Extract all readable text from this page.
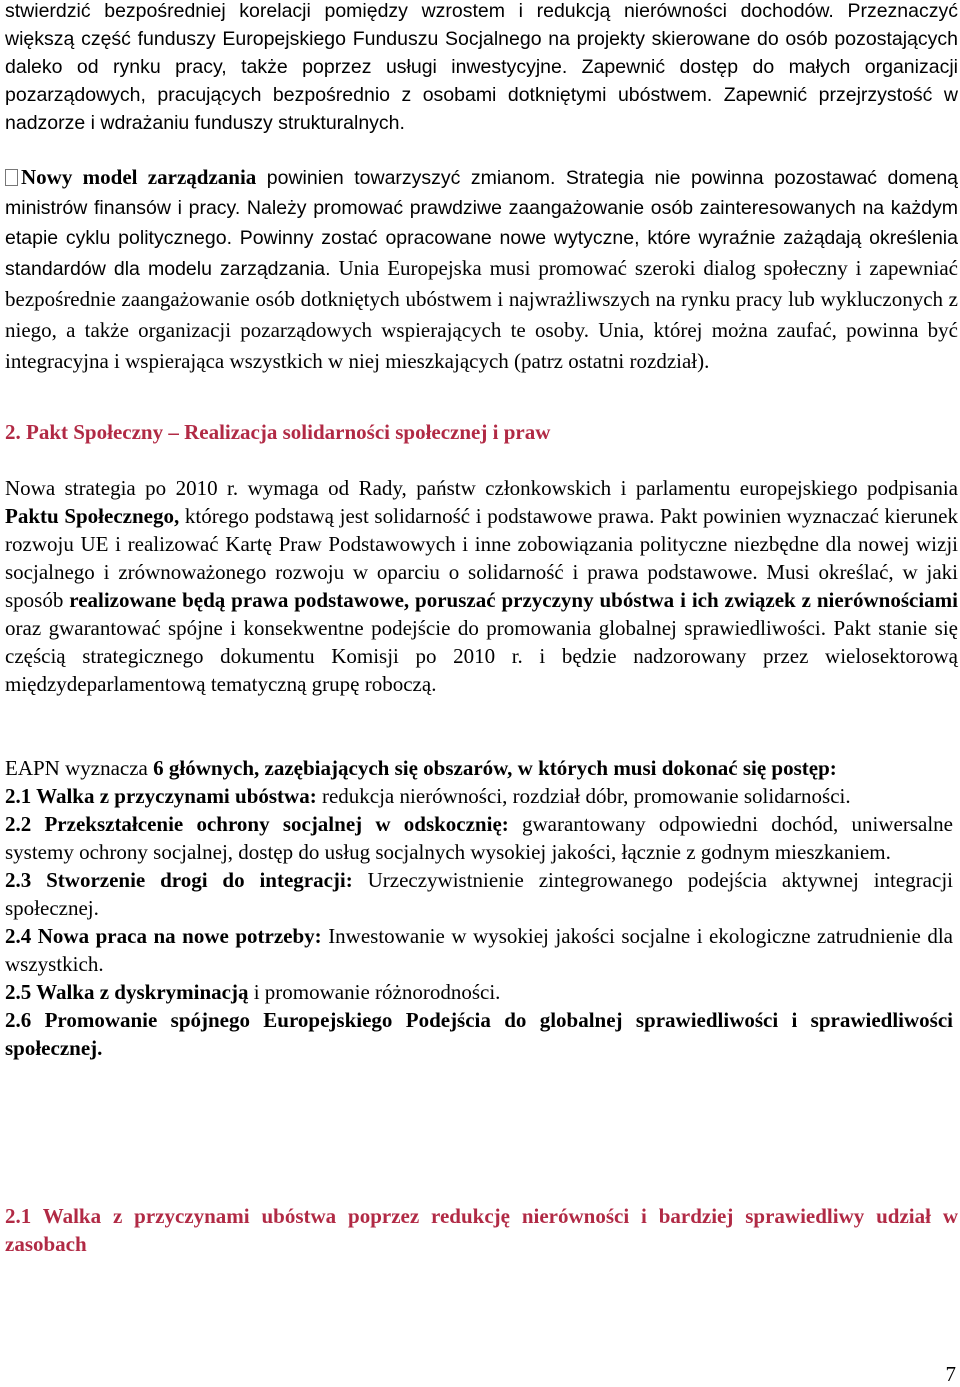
stwierdzić bezpośredniej korelacji pomiędzy wzrostem i redukcją nierówności dochodów. Przeznaczyć większą część funduszy Europejskiego Funduszu Socjalnego na projekty skierowane do osób pozostających daleko od rynku pracy, także poprzez usługi inwestycyjne. Zapewnić dostęp do małych organizacji pozarządowych, pracujących bezpośrednio z osobami dotkniętymi ubóstwem. Zapewnić przejrzystość w nadzorze i wdrażaniu funduszy strukturalnych.

Nowy model zarządzania powinien towarzyszyć zmianom. Strategia nie powinna pozostawać domeną ministrów finansów i pracy. Należy promować prawdziwe zaangażowanie osób zainteresowanych na każdym etapie cyklu politycznego. Powinny zostać opracowane nowe wytyczne, które wyraźnie zażądają określenia standardów dla modelu zarządzania. Unia Europejska musi promować szeroki dialog społeczny i zapewniać bezpośrednie zaangażowanie osób dotkniętych ubóstwem i najwrażliwszych na rynku pracy lub wykluczonych z niego, a także organizacji pozarządowych wspierających te osoby. Unia, której można zaufać, powinna być integracyjna i wspierająca wszystkich w niej mieszkających (patrz ostatni rozdział).

2. Pakt Społeczny – Realizacja solidarności społecznej i praw

Nowa strategia po 2010 r. wymaga od Rady, państw członkowskich i parlamentu europejskiego podpisania Paktu Społecznego, którego podstawą jest solidarność i podstawowe prawa. Pakt powinien wyznaczać kierunek rozwoju UE i realizować Kartę Praw Podstawowych i inne zobowiązania polityczne niezbędne dla nowej wizji socjalnego i zrównoważonego rozwoju w oparciu o solidarność i prawa podstawowe. Musi określać, w jaki sposób realizowane będą prawa podstawowe, poruszać przyczyny ubóstwa i ich związek z nierównościami oraz gwarantować spójne i konsekwentne podejście do promowania globalnej sprawiedliwości. Pakt stanie się częścią strategicznego dokumentu Komisji po 2010 r. i będzie nadzorowany przez wielosektorową międzydeparlamentową tematyczną grupę roboczą.

EAPN wyznacza 6 głównych, zazębiających się obszarów, w których musi dokonać się postęp:

2.1 Walka z przyczynami ubóstwa: redukcja nierówności, rozdział dóbr, promowanie solidarności.

2.2 Przekształcenie ochrony socjalnej w odskocznię: gwarantowany odpowiedni dochód, uniwersalne systemy ochrony socjalnej, dostęp do usług socjalnych wysokiej jakości, łącznie z godnym mieszkaniem.

2.3 Stworzenie drogi do integracji: Urzeczywistnienie zintegrowanego podejścia aktywnej integracji społecznej.

2.4 Nowa praca na nowe potrzeby: Inwestowanie w wysokiej jakości socjalne i ekologiczne zatrudnienie dla wszystkich.

2.5 Walka z dyskryminacją i promowanie różnorodności.

2.6 Promowanie spójnego Europejskiego Podejścia do globalnej sprawiedliwości i sprawiedliwości społecznej.

2.1 Walka z przyczynami ubóstwa poprzez redukcję nierówności i bardziej sprawiedliwy udział w zasobach

7
